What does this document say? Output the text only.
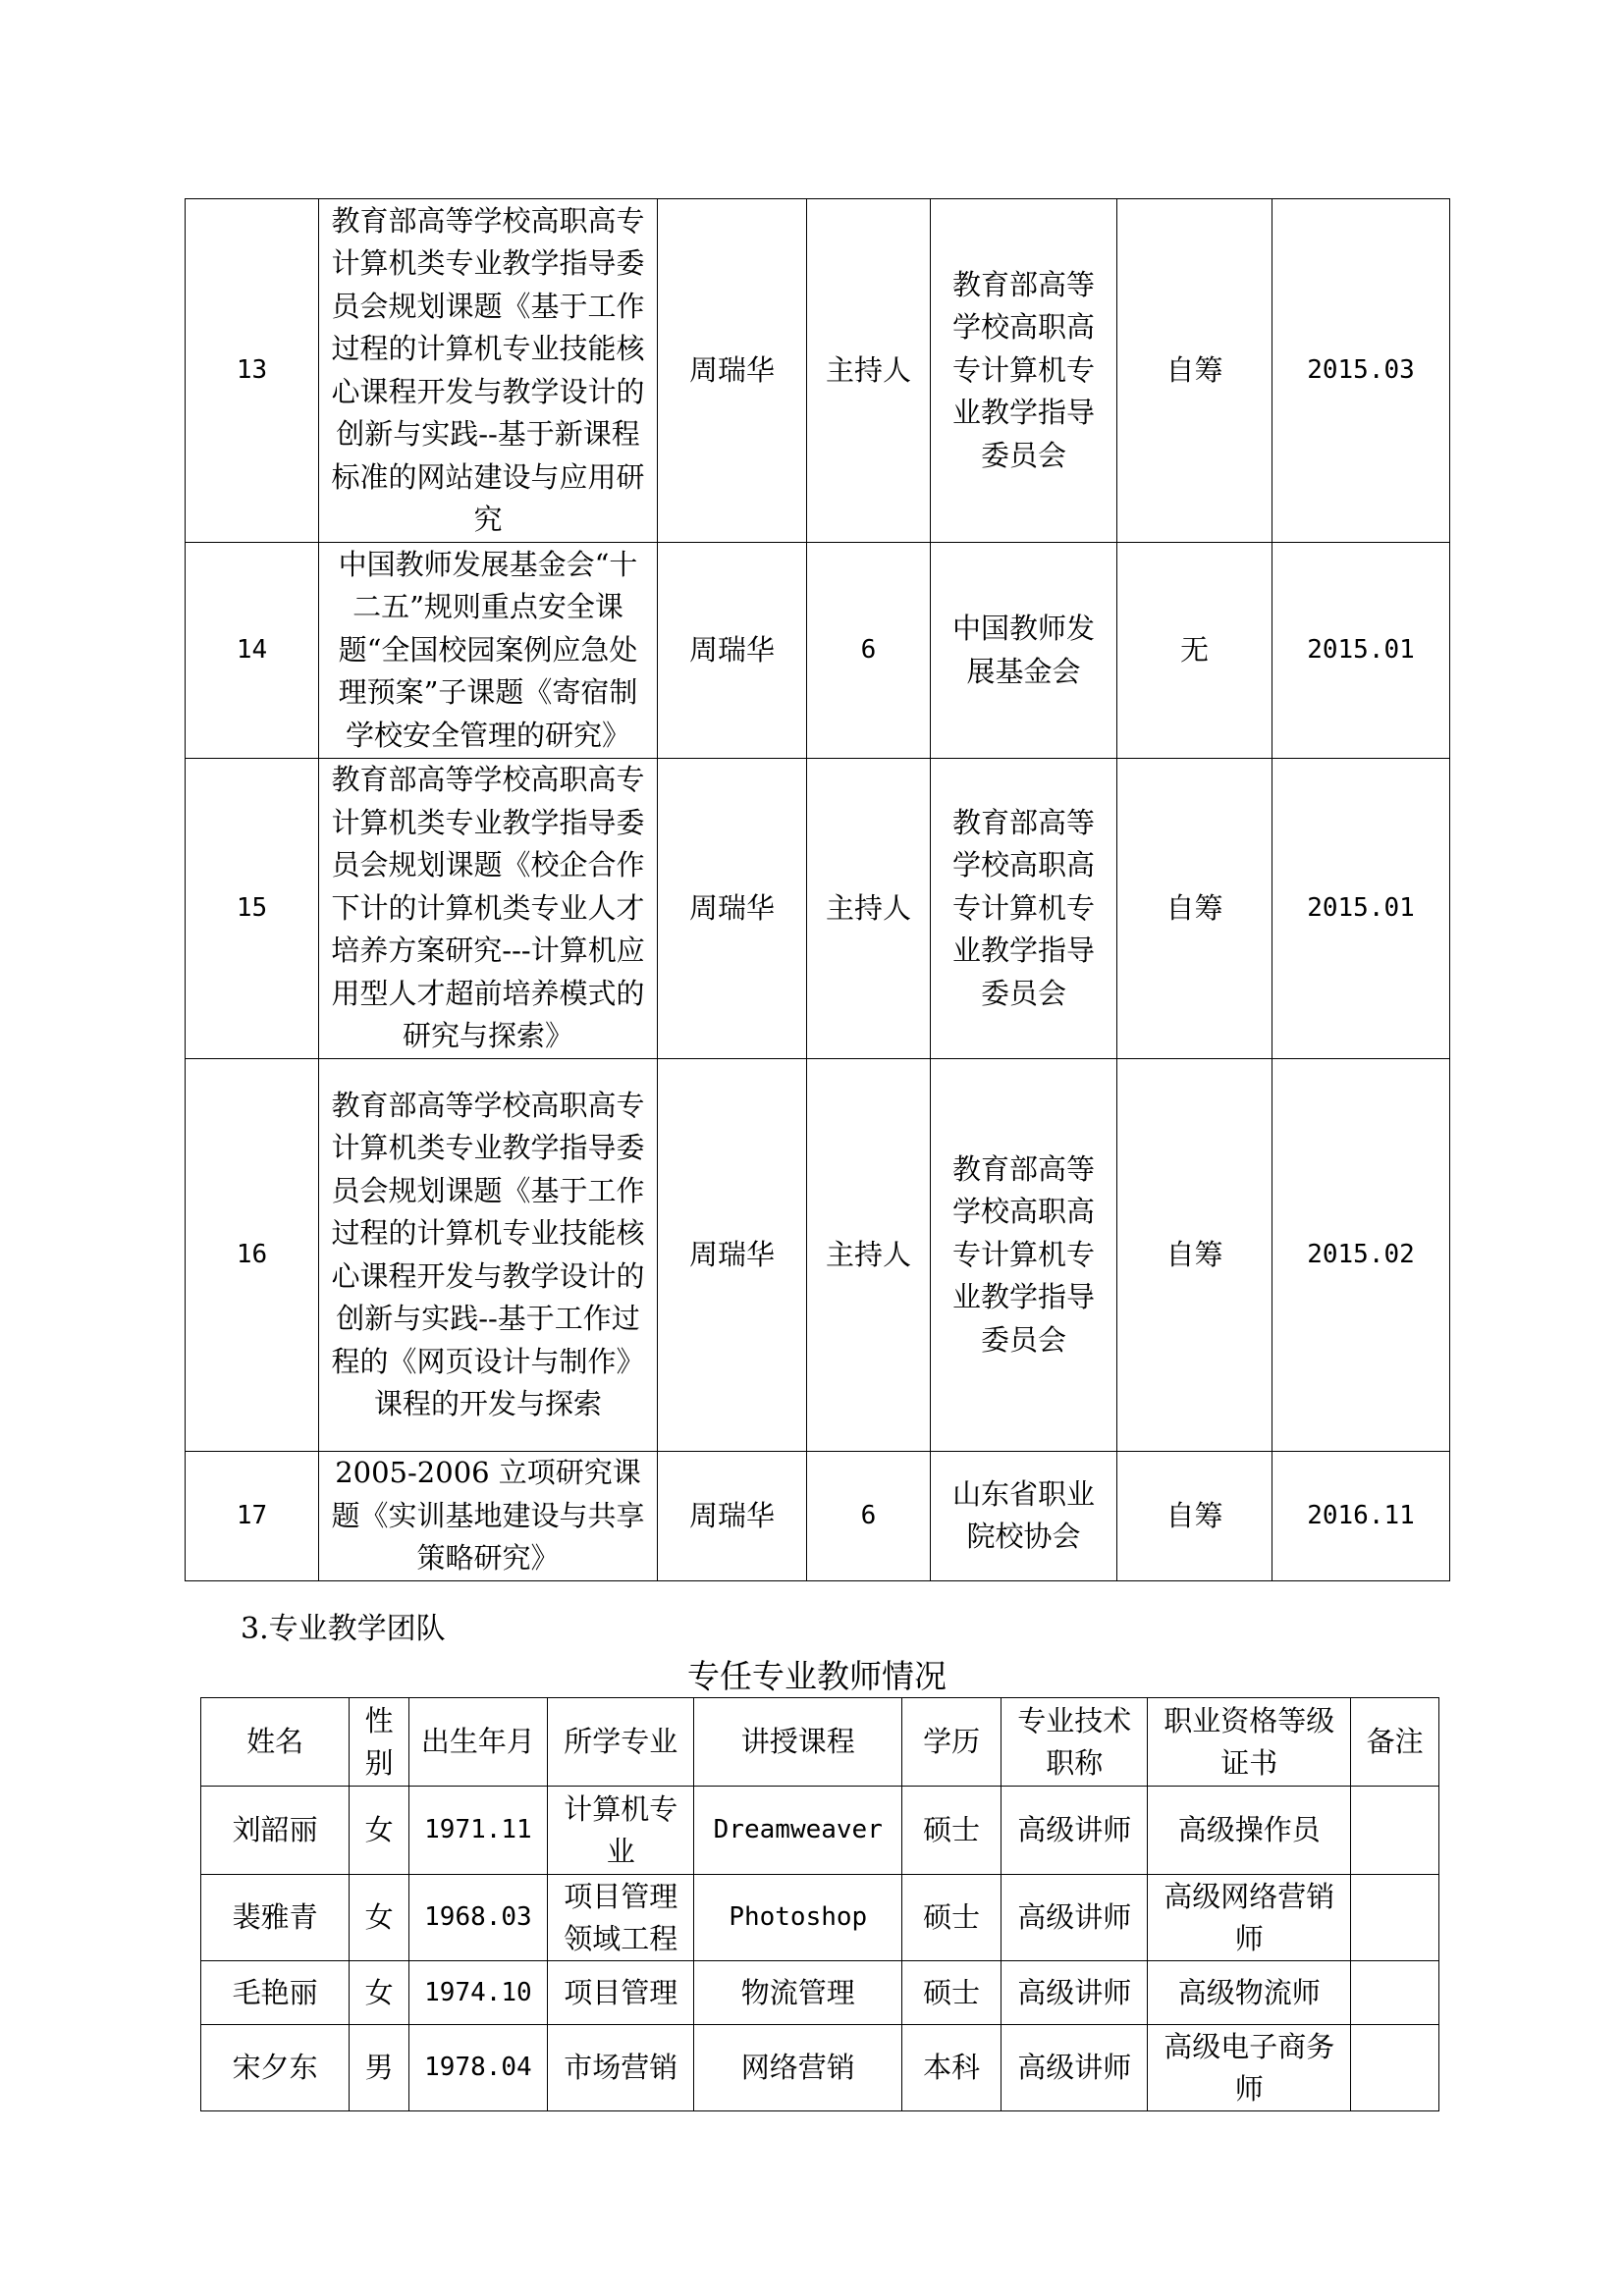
13	教育部高等学校高职高专计算机类专业教学指导委员会规划课题《基于工作过程的计算机专业技能核心课程开发与教学设计的创新与实践--基于新课程标准的网站建设与应用研究	周瑞华	主持人	教育部高等学校高职高专计算机专业教学指导委员会	自筹	2015.03
14	中国教师发展基金会“十二五”规则重点安全课题“全国校园案例应急处理预案”子课题《寄宿制学校安全管理的研究》	周瑞华	6	中国教师发展基金会	无	2015.01
15	教育部高等学校高职高专计算机类专业教学指导委员会规划课题《校企合作下计的计算机类专业人才培养方案研究---计算机应用型人才超前培养模式的研究与探索》	周瑞华	主持人	教育部高等学校高职高专计算机专业教学指导委员会	自筹	2015.01
16	教育部高等学校高职高专计算机类专业教学指导委员会规划课题《基于工作过程的计算机专业技能核心课程开发与教学设计的创新与实践--基于工作过程的《网页设计与制作》课程的开发与探索	周瑞华	主持人	教育部高等学校高职高专计算机专业教学指导委员会	自筹	2015.02
17	2005-2006 立项研究课题《实训基地建设与共享策略研究》	周瑞华	6	山东省职业院校协会	自筹	2016.11

3.专业教学团队

专任专业教师情况

姓名	性别	出生年月	所学专业	讲授课程	学历	专业技术职称	职业资格等级证书	备注
刘韶丽	女	1971.11	计算机专业	Dreamweaver	硕士	高级讲师	高级操作员	
裴雅青	女	1968.03	项目管理领域工程	Photoshop	硕士	高级讲师	高级网络营销师	
毛艳丽	女	1974.10	项目管理	物流管理	硕士	高级讲师	高级物流师	
宋夕东	男	1978.04	市场营销	网络营销	本科	高级讲师	高级电子商务师	
